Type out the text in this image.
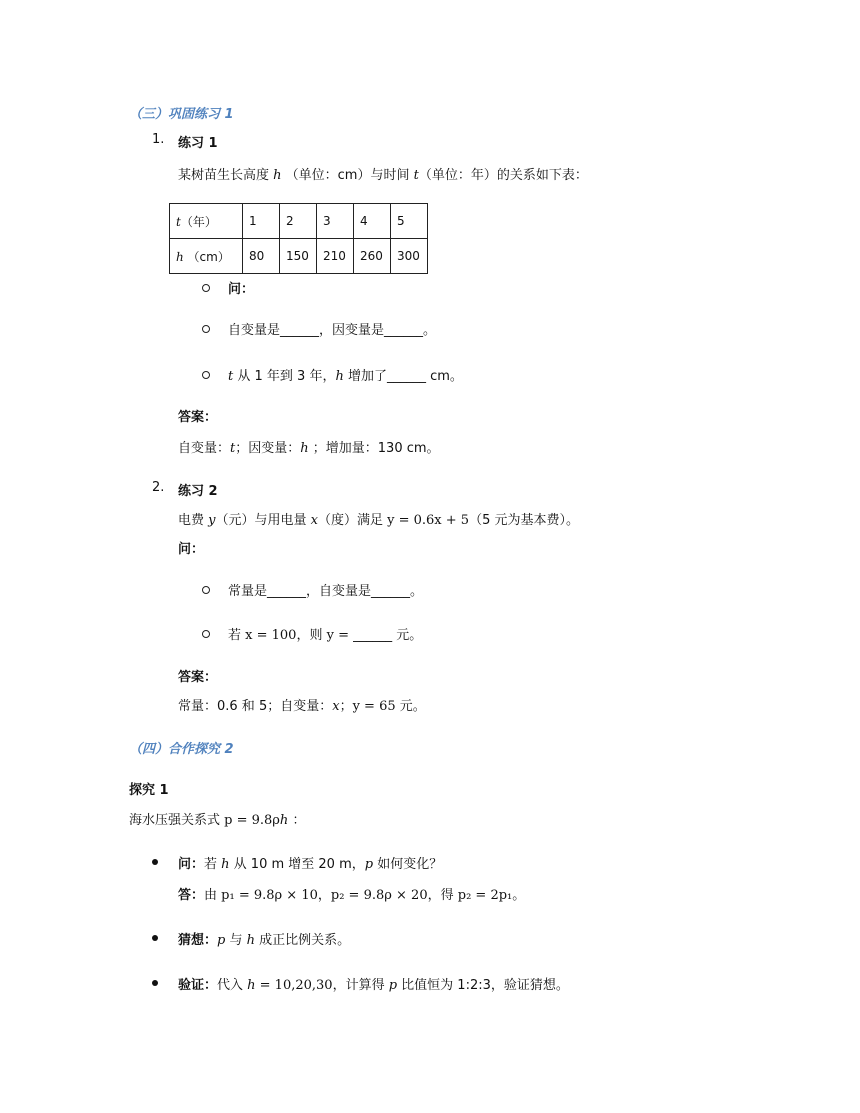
（三）巩固练习 1
1. 练习 1
某树苗生长高度 ℎ （单位：cm）与时间 t（单位：年）的关系如下表：
t（年）	1	2	3	4	5
ℎ （cm）	80	150	210	260	300
问：
自变量是______，因变量是______。
t 从 1 年到 3 年，ℎ 增加了______ cm。
答案：
自变量：t；因变量：ℎ ；增加量：130 cm。
2. 练习 2
电费 y（元）与用电量 x（度）满足 y = 0.6x + 5（5 元为基本费）。
问：
常量是______，自变量是______。
若 x = 100，则 y = ______ 元。
答案：
常量：0.6 和 5；自变量：x；y = 65 元。
（四）合作探究 2
探究 1
海水压强关系式 p = 9.8ρℎ ：
问：若 ℎ 从 10 m 增至 20 m，p 如何变化？
答：由 p₁ = 9.8ρ × 10，p₂ = 9.8ρ × 20，得 p₂ = 2p₁。
猜想：p 与 ℎ 成正比例关系。
验证：代入 ℎ = 10,20,30，计算得 p 比值恒为 1:2:3，验证猜想。
